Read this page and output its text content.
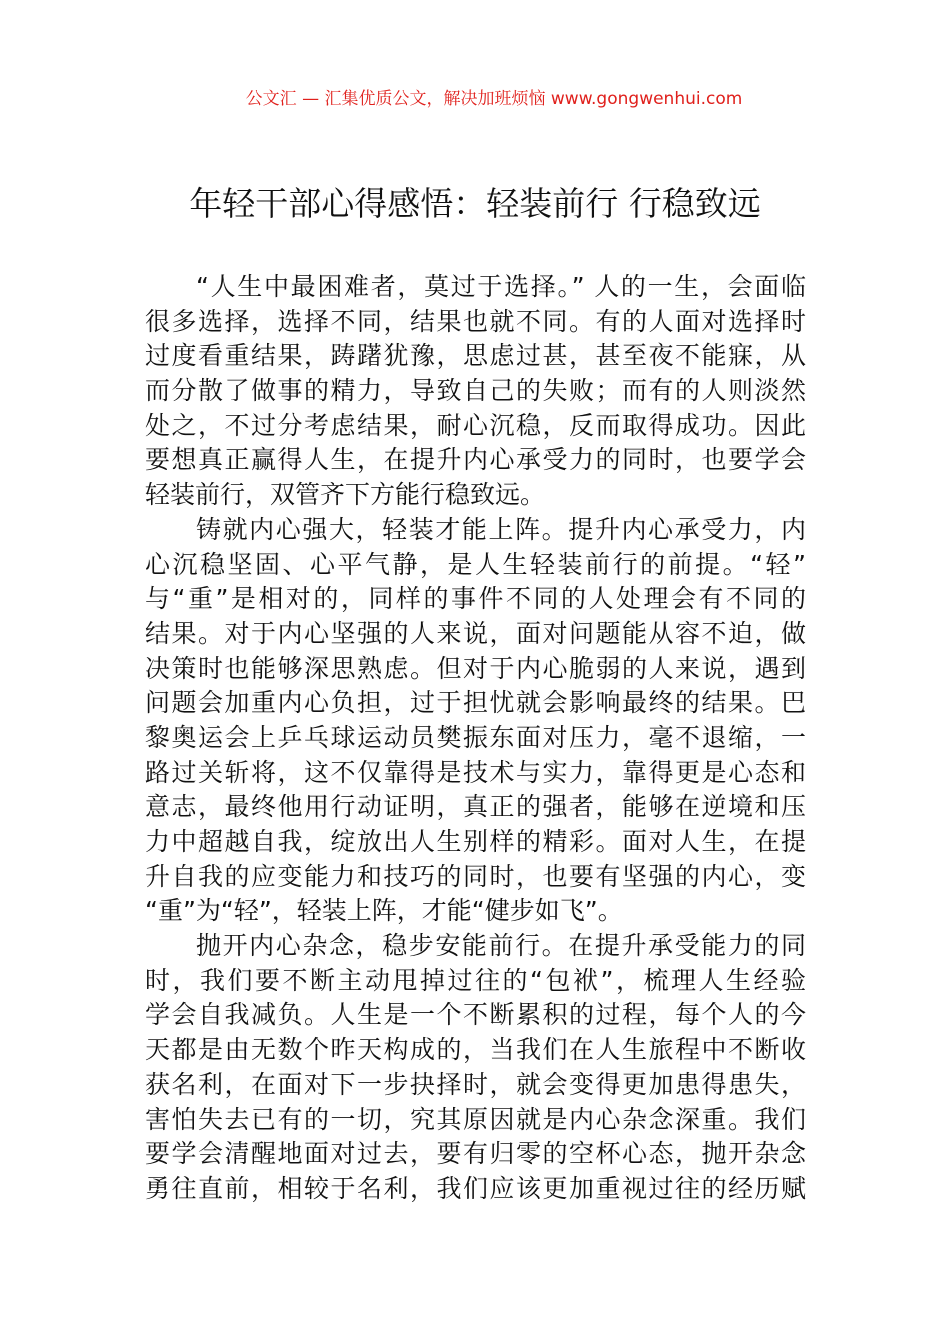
公文汇 — 汇集优质公文，解决加班烦恼 www.gongwenhui.com
年轻干部心得感悟：轻装前行 行稳致远
“人生中最困难者，莫过于选择。” 人的一生，会面临
很多选择，选择不同，结果也就不同。有的人面对选择时
过度看重结果，踌躇犹豫，思虑过甚，甚至夜不能寐，从
而分散了做事的精力，导致自己的失败；而有的人则淡然
处之，不过分考虑结果，耐心沉稳，反而取得成功。因此
要想真正赢得人生，在提升内心承受力的同时，也要学会
轻装前行，双管齐下方能行稳致远。
铸就内心强大，轻装才能上阵。提升内心承受力，内
心沉稳坚固、心平气静，是人生轻装前行的前提。“轻”
与“重”是相对的，同样的事件不同的人处理会有不同的
结果。对于内心坚强的人来说，面对问题能从容不迫，做
决策时也能够深思熟虑。但对于内心脆弱的人来说，遇到
问题会加重内心负担，过于担忧就会影响最终的结果。巴
黎奥运会上乒乓球运动员樊振东面对压力，毫不退缩，一
路过关斩将，这不仅靠得是技术与实力，靠得更是心态和
意志，最终他用行动证明，真正的强者，能够在逆境和压
力中超越自我，绽放出人生别样的精彩。面对人生，在提
升自我的应变能力和技巧的同时，也要有坚强的内心，变
“重”为“轻”，轻装上阵，才能“健步如飞”。
抛开内心杂念，稳步安能前行。在提升承受能力的同
时，我们要不断主动甩掉过往的“包袱”，梳理人生经验
学会自我减负。人生是一个不断累积的过程，每个人的今
天都是由无数个昨天构成的，当我们在人生旅程中不断收
获名利，在面对下一步抉择时，就会变得更加患得患失，
害怕失去已有的一切，究其原因就是内心杂念深重。我们
要学会清醒地面对过去，要有归零的空杯心态，抛开杂念
勇往直前，相较于名利，我们应该更加重视过往的经历赋
